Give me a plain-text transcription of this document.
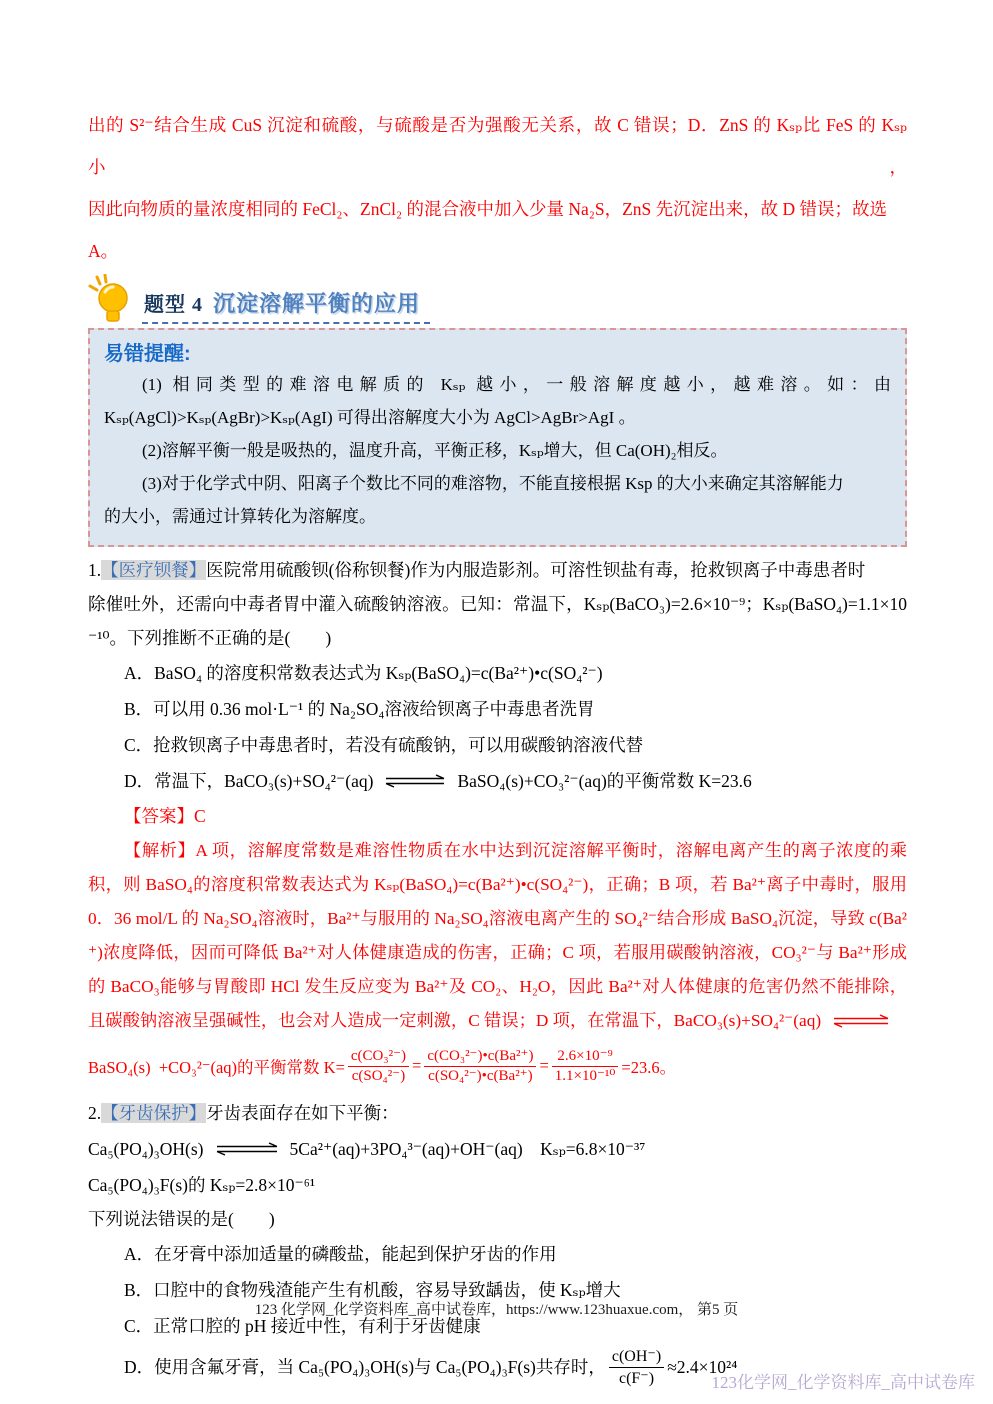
出的 S²⁻结合生成 CuS 沉淀和硫酸，与硫酸是否为强酸无关系，故 C 错误；D．ZnS 的 Kₛₚ比 FeS 的 Kₛₚ小，
因此向物质的量浓度相同的 FeCl₂、ZnCl₂ 的混合液中加入少量 Na₂S，ZnS 先沉淀出来，故 D 错误；故选 A。
题型 4 沉淀溶解平衡的应用
易错提醒:
(1) 相同类型的难溶电解质的 Kₛₚ 越小，一般溶解度越小，越难溶。如：由
Kₛₚ(AgCl)>Kₛₚ(AgBr)>Kₛₚ(AgI) 可得出溶解度大小为 AgCl>AgBr>AgI 。
(2)溶解平衡一般是吸热的，温度升高，平衡正移，Kₛₚ增大，但 Ca(OH)₂相反。
(3)对于化学式中阴、阳离子个数比不同的难溶物，不能直接根据 Ksp 的大小来确定其溶解能力
的大小，需通过计算转化为溶解度。
1.【医疗钡餐】医院常用硫酸钡(俗称钡餐)作为内服造影剂。可溶性钡盐有毒，抢救钡离子中毒患者时
除催吐外，还需向中毒者胃中灌入硫酸钠溶液。已知：常温下，Kₛₚ(BaCO₃)=2.6×10⁻⁹；Kₛₚ(BaSO₄)=1.1×10
⁻¹⁰。下列推断不正确的是(        )
A．BaSO₄ 的溶度积常数表达式为 Kₛₚ(BaSO₄)=c(Ba²⁺)•c(SO₄²⁻)
B．可以用 0.36 mol·L⁻¹ 的 Na₂SO₄溶液给钡离子中毒患者洗胃
C．抢救钡离子中毒患者时，若没有硫酸钠，可以用碳酸钠溶液代替
D．常温下，BaCO₃(s)+SO₄²⁻(aq) ⇌
BaSO₄(s)+CO₃²⁻(aq)的平衡常数 K=23.6
【答案】C
【解析】A 项，溶解度常数是难溶性物质在水中达到沉淀溶解平衡时，溶解电离产生的离子浓度的乘
积，则 BaSO₄的溶度积常数表达式为 Kₛₚ(BaSO₄)=c(Ba²⁺)•c(SO₄²⁻)，正确；B 项，若 Ba²⁺离子中毒时，服用
0．36 mol/L 的 Na₂SO₄溶液时，Ba²⁺与服用的 Na₂SO₄溶液电离产生的 SO₄²⁻结合形成 BaSO₄沉淀，导致 c(Ba²
⁺)浓度降低，因而可降低 Ba²⁺对人体健康造成的伤害，正确；C 项，若服用碳酸钠溶液，CO₃²⁻与 Ba²⁺形成
的 BaCO₃能够与胃酸即 HCl 发生反应变为 Ba²⁺及 CO₂、H₂O，因此 Ba²⁺对人体健康的危害仍然不能排除，
且碳酸钠溶液呈强碱性，也会对人造成一定刺激，C 错误；D 项，在常温下，BaCO₃(s)+SO₄²⁻(aq) ⇌

BaSO₄(s)  +CO₃²⁻(aq)的平衡常数 $K= \frac{\text{c(CO₃²⁻)}}{\text{c(SO₄²⁻)}} = \frac{\text{c(CO₃²⁻)•c(Ba²⁺)}}{\text{c(SO₄²⁻)•c(Ba²⁺)}} = \frac{\text{2.6×10⁻⁹}}{\text{1.1×10⁻¹⁰}} =23.6$。
2.【牙齿保护】牙齿表面存在如下平衡：
Ca₅(PO₄)₃OH(s) ⇌
5Ca²⁺(aq)+3PO₄³⁻(aq)+OH⁻(aq)    Kₛₚ=6.8×10⁻³⁷
Ca₅(PO₄)₃F(s)的 Kₛₚ=2.8×10⁻⁶¹
下列说法错误的是(        )
A．在牙膏中添加适量的磷酸盐，能起到保护牙齿的作用
B．口腔中的食物残渣能产生有机酸，容易导致龋齿，使 Kₛₚ增大
C．正常口腔的 pH 接近中性，有利于牙齿健康
D．使用含氟牙膏，当 Ca₅(PO₄)₃OH(s)与 Ca₅(PO₄)₃F(s)共存时， $\frac{c(OH^-)}{c(F^-)} \approx 2.4\times 10^{24}$
123 化学网_化学资料库_高中试卷库，https://www.123huaxue.com， 第5 页
123化学网_化学资料库_高中试卷库
